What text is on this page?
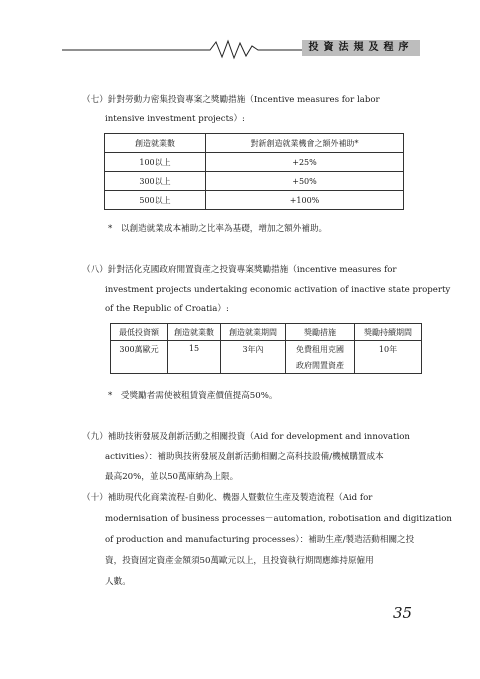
投資法規及程序
（七）針對勞動力密集投資專案之獎勵措施（Incentive measures for labor
intensive investment projects）:
創造就業數	對新創造就業機會之額外補助*
100以上	+25%
300以上	+50%
500以上	+100%
*　以創造就業成本補助之比率為基礎，增加之額外補助。
（八）針對活化克國政府閒置資產之投資專案獎勵措施（incentive measures for
investment projects undertaking economic activation of inactive state property
of the Republic of Croatia）:
最低投資額	創造就業數	創造就業期間	獎勵措施	獎勵持續期間
300萬歐元	15	3年內	免費租用克國	10年
			政府閒置資產	
*　受獎勵者需使被租賃資產價值提高50%。
（九）補助技術發展及創新活動之相關投資（Aid for development and innovation
activities）：補助與技術發展及創新活動相關之高科技設備/機械購置成本
最高20%，並以50萬庫納為上限。
（十）補助現代化商業流程-自動化、機器人暨數位生產及製造流程（Aid for
modernisation of business processes－automation, robotisation and digitization
of production and manufacturing processes）：補助生產/製造活動相關之投
資，投資固定資產金額須50萬歐元以上，且投資執行期間應維持原僱用
人數。
35
